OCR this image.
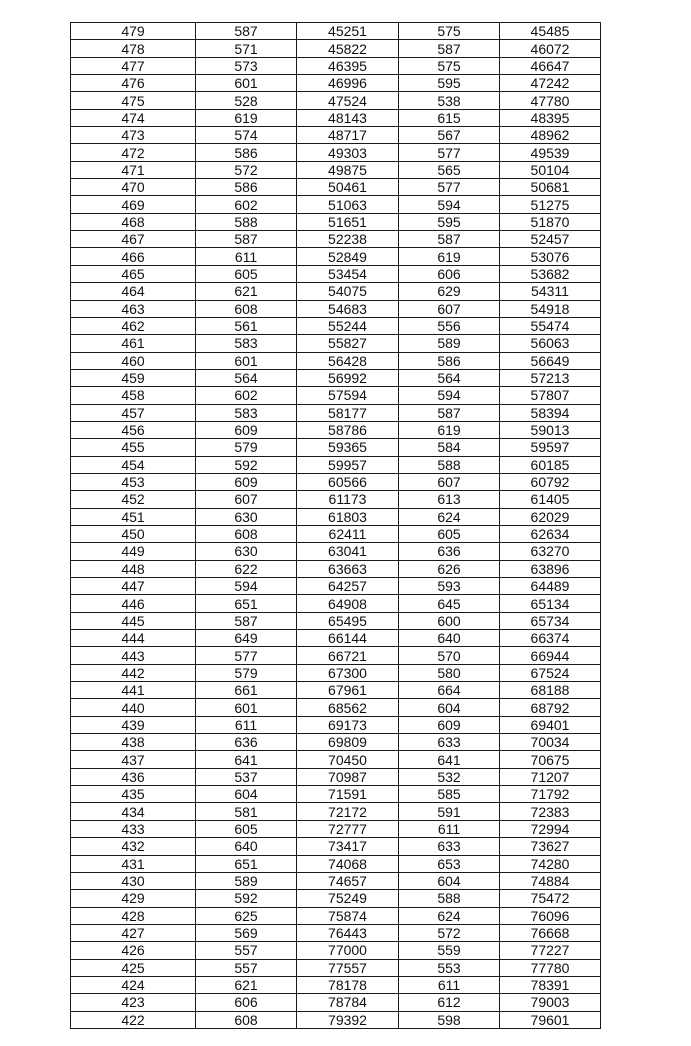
479	587	45251	575	45485
478	571	45822	587	46072
477	573	46395	575	46647
476	601	46996	595	47242
475	528	47524	538	47780
474	619	48143	615	48395
473	574	48717	567	48962
472	586	49303	577	49539
471	572	49875	565	50104
470	586	50461	577	50681
469	602	51063	594	51275
468	588	51651	595	51870
467	587	52238	587	52457
466	611	52849	619	53076
465	605	53454	606	53682
464	621	54075	629	54311
463	608	54683	607	54918
462	561	55244	556	55474
461	583	55827	589	56063
460	601	56428	586	56649
459	564	56992	564	57213
458	602	57594	594	57807
457	583	58177	587	58394
456	609	58786	619	59013
455	579	59365	584	59597
454	592	59957	588	60185
453	609	60566	607	60792
452	607	61173	613	61405
451	630	61803	624	62029
450	608	62411	605	62634
449	630	63041	636	63270
448	622	63663	626	63896
447	594	64257	593	64489
446	651	64908	645	65134
445	587	65495	600	65734
444	649	66144	640	66374
443	577	66721	570	66944
442	579	67300	580	67524
441	661	67961	664	68188
440	601	68562	604	68792
439	611	69173	609	69401
438	636	69809	633	70034
437	641	70450	641	70675
436	537	70987	532	71207
435	604	71591	585	71792
434	581	72172	591	72383
433	605	72777	611	72994
432	640	73417	633	73627
431	651	74068	653	74280
430	589	74657	604	74884
429	592	75249	588	75472
428	625	75874	624	76096
427	569	76443	572	76668
426	557	77000	559	77227
425	557	77557	553	77780
424	621	78178	611	78391
423	606	78784	612	79003
422	608	79392	598	79601
